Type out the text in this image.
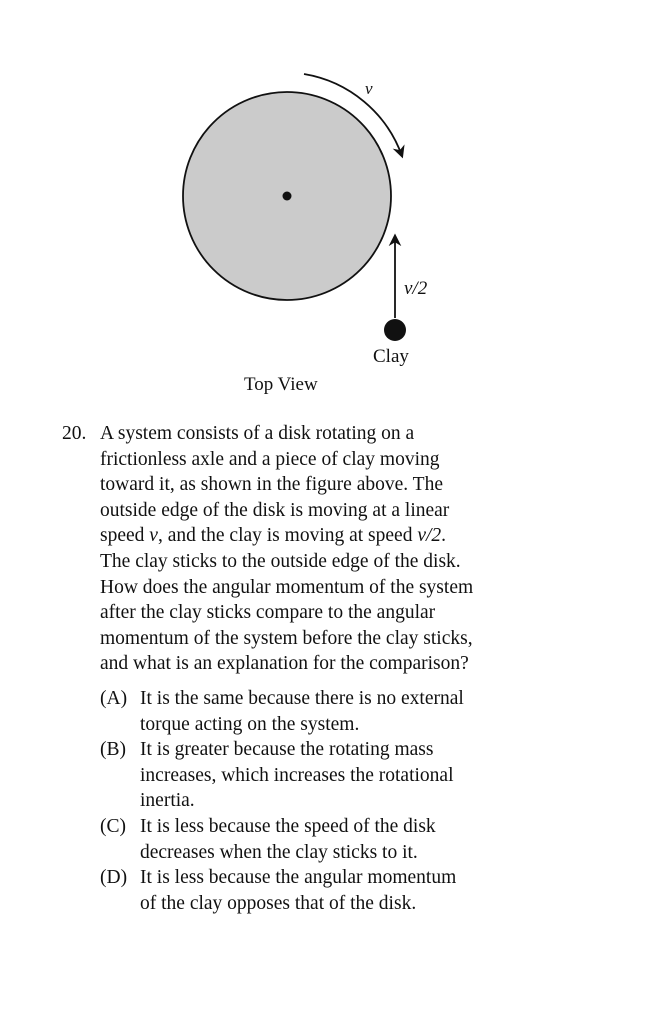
v
v/2
Clay
Top View
20. A system consists of a disk rotating on a

frictionless axle and a piece of clay moving

toward it, as shown in the figure above. The

outside edge of the disk is moving at a linear

speed v, and the clay is moving at speed v/2.

The clay sticks to the outside edge of the disk.

How does the angular momentum of the system

after the clay sticks compare to the angular

momentum of the system before the clay sticks,

and what is an explanation for the comparison?

(A) It is the same because there is no external
torque acting on the system.
(B) It is greater because the rotating mass
increases, which increases the rotational
inertia.
(C) It is less because the speed of the disk
decreases when the clay sticks to it.
(D) It is less because the angular momentum
of the clay opposes that of the disk.
